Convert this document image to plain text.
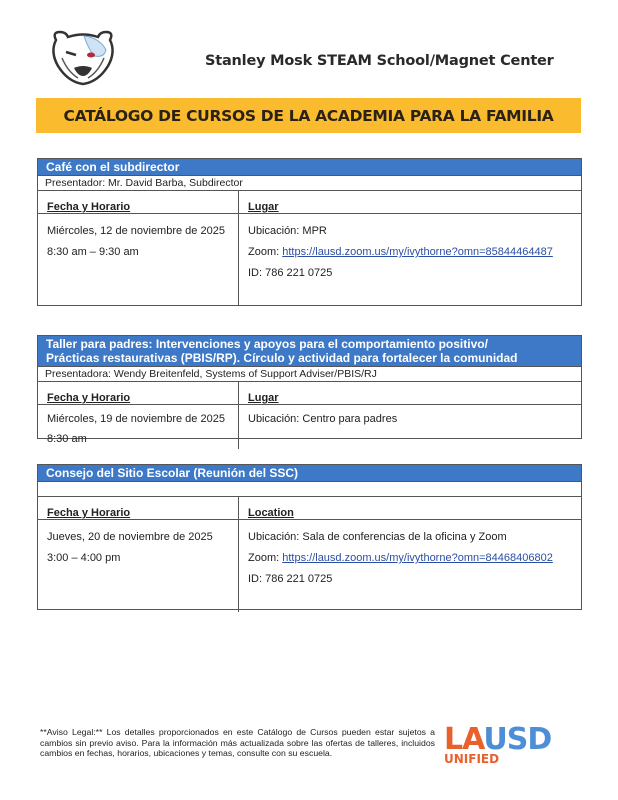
Stanley Mosk STEAM School/Magnet Center
CATÁLOGO DE CURSOS DE LA ACADEMIA PARA LA FAMILIA
Café con el subdirector
Presentador: Mr. David Barba, Subdirector
Fecha y Horario	Lugar
Miércoles, 12 de noviembre de 2025
8:30 am – 9:30 am
Ubicación: MPR
Zoom: https://lausd.zoom.us/my/ivythorne?omn=85844464487
ID: 786 221 0725
Taller para padres: Intervenciones y apoyos para el comportamiento positivo/
Prácticas restaurativas (PBIS/RP). Círculo y actividad para fortalecer la comunidad
Presentadora: Wendy Breitenfeld, Systems of Support Adviser/PBIS/RJ
Fecha y Horario	Lugar
Miércoles, 19 de noviembre de 2025
8:30 am
Ubicación: Centro para padres
Consejo del Sitio Escolar (Reunión del SSC)
Fecha y Horario	Location
Jueves, 20 de noviembre de 2025
3:00 – 4:00 pm
Ubicación: Sala de conferencias de la oficina y Zoom
Zoom: https://lausd.zoom.us/my/ivythorne?omn=84468406802
ID: 786 221 0725
**Aviso Legal:** Los detalles proporcionados en este Catálogo de Cursos pueden estar sujetos a cambios sin previo aviso. Para la información más actualizada sobre las ofertas de talleres, incluidos cambios en fechas, horarios, ubicaciones y temas, consulte con su escuela.	LAUSD
UNIFIED
